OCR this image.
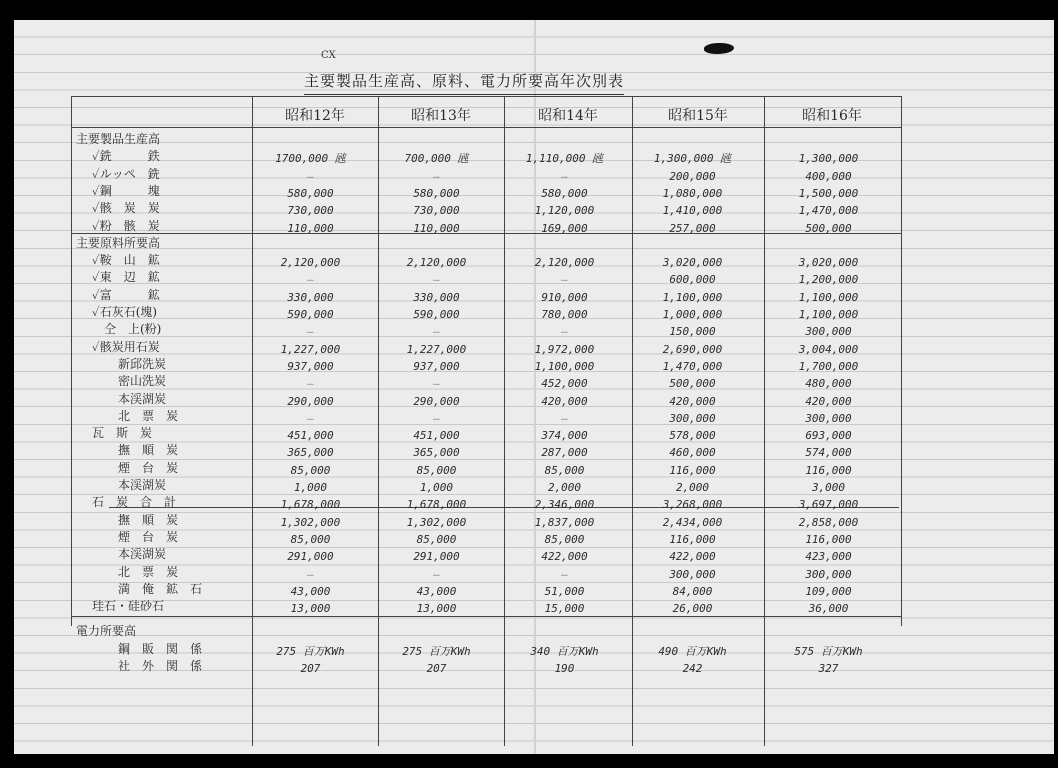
CX
主要製品生産高、原料、電力所要高年次別表
昭和12年	昭和13年	昭和14年	昭和15年	昭和16年
主要製品生産高
✓銑　　　鉄	1700,000 瓲	700,000 瓲	1,110,000 瓲	1,300,000 瓲	1,300,000
✓ルッペ　銑	—	—	—	200,000	400,000
✓鋼　　　塊	580,000	580,000	580,000	1,080,000	1,500,000
✓骸　炭　炭	730,000	730,000	1,120,000	1,410,000	1,470,000
✓粉　骸　炭	110,000	110,000	169,000	257,000	500,000
主要原料所要高
✓鞍　山　鉱	2,120,000	2,120,000	2,120,000	3,020,000	3,020,000
✓東　辺　鉱	—	—	—	600,000	1,200,000
✓富　　　鉱	330,000	330,000	910,000	1,100,000	1,100,000
✓石灰石(塊)	590,000	590,000	780,000	1,000,000	1,100,000
　仝　上(粉)	—	—	—	150,000	300,000
✓骸炭用石炭	1,227,000	1,227,000	1,972,000	2,690,000	3,004,000
新邱洗炭	937,000	937,000	1,100,000	1,470,000	1,700,000
密山洗炭	—	—	452,000	500,000	480,000
本渓湖炭	290,000	290,000	420,000	420,000	420,000
北　票　炭	—	—	—	300,000	300,000
瓦　斯　炭	451,000	451,000	374,000	578,000	693,000
撫　順　炭	365,000	365,000	287,000	460,000	574,000
煙　台　炭	85,000	85,000	85,000	116,000	116,000
本渓湖炭	1,000	1,000	2,000	2,000	3,000
石　炭　合　計	1,678,000	1,678,000	2,346,000	3,268,000	3,697,000
撫　順　炭	1,302,000	1,302,000	1,837,000	2,434,000	2,858,000
煙　台　炭	85,000	85,000	85,000	116,000	116,000
本渓湖炭	291,000	291,000	422,000	422,000	423,000
北　票　炭	—	—	—	300,000	300,000
満　俺　鉱　石	43,000	43,000	51,000	84,000	109,000
珪石・硅砂石	13,000	13,000	15,000	26,000	36,000
電力所要高
鋼　販　関　係	275 百万KWh	275 百万KWh	340 百万KWh	490 百万KWh	575 百万KWh
社　外　関　係	207	207	190	242	327
